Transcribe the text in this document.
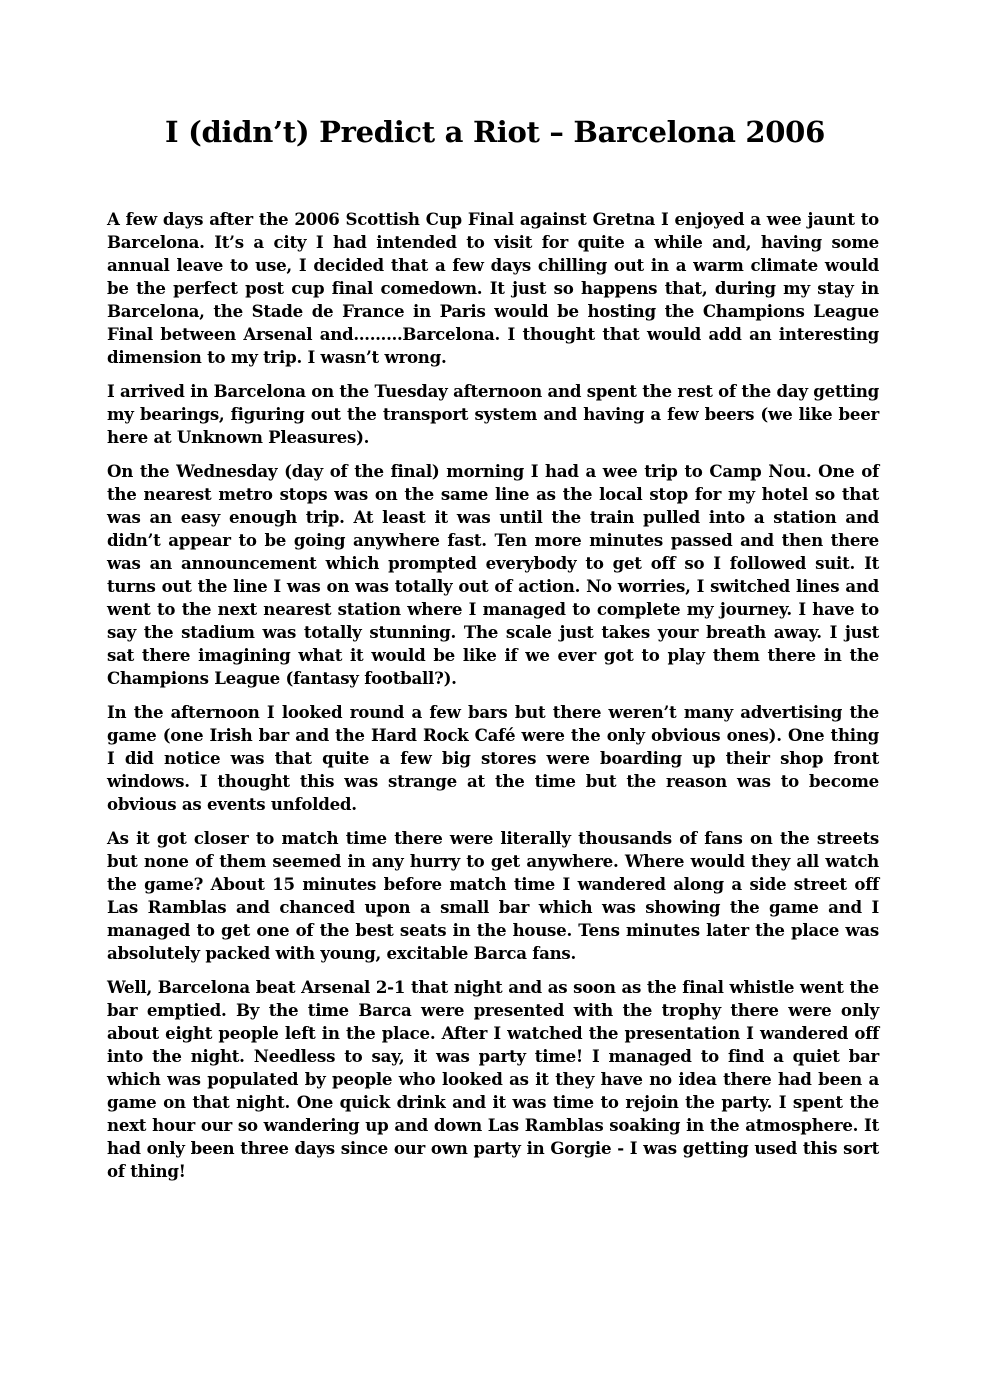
I (didn’t) Predict a Riot – Barcelona 2006

A few days after the 2006 Scottish Cup Final against Gretna I enjoyed a wee jaunt to Barcelona. It’s a city I had intended to visit for quite a while and, having some annual leave to use, I decided that a few days chilling out in a warm climate would be the perfect post cup final comedown. It just so happens that, during my stay in Barcelona, the Stade de France in Paris would be hosting the Champions League Final between Arsenal and………Barcelona. I thought that would add an interesting dimension to my trip. I wasn’t wrong.

I arrived in Barcelona on the Tuesday afternoon and spent the rest of the day getting my bearings, figuring out the transport system and having a few beers (we like beer here at Unknown Pleasures).

On the Wednesday (day of the final) morning I had a wee trip to Camp Nou. One of the nearest metro stops was on the same line as the local stop for my hotel so that was an easy enough trip. At least it was until the train pulled into a station and didn’t appear to be going anywhere fast. Ten more minutes passed and then there was an announcement which prompted everybody to get off so I followed suit. It turns out the line I was on was totally out of action. No worries, I switched lines and went to the next nearest station where I managed to complete my journey. I have to say the stadium was totally stunning. The scale just takes your breath away. I just sat there imagining what it would be like if we ever got to play them there in the Champions League (fantasy football?).

In the afternoon I looked round a few bars but there weren’t many advertising the game (one Irish bar and the Hard Rock Café were the only obvious ones). One thing I did notice was that quite a few big stores were boarding up their shop front windows. I thought this was strange at the time but the reason was to become obvious as events unfolded.

As it got closer to match time there were literally thousands of fans on the streets but none of them seemed in any hurry to get anywhere. Where would they all watch the game? About 15 minutes before match time I wandered along a side street off Las Ramblas and chanced upon a small bar which was showing the game and I managed to get one of the best seats in the house. Tens minutes later the place was absolutely packed with young, excitable Barca fans.

Well, Barcelona beat Arsenal 2-1 that night and as soon as the final whistle went the bar emptied. By the time Barca were presented with the trophy there were only about eight people left in the place. After I watched the presentation I wandered off into the night. Needless to say, it was party time! I managed to find a quiet bar which was populated by people who looked as it they have no idea there had been a game on that night. One quick drink and it was time to rejoin the party. I spent the next hour our so wandering up and down Las Ramblas soaking in the atmosphere. It had only been three days since our own party in Gorgie - I was getting used this sort of thing!
